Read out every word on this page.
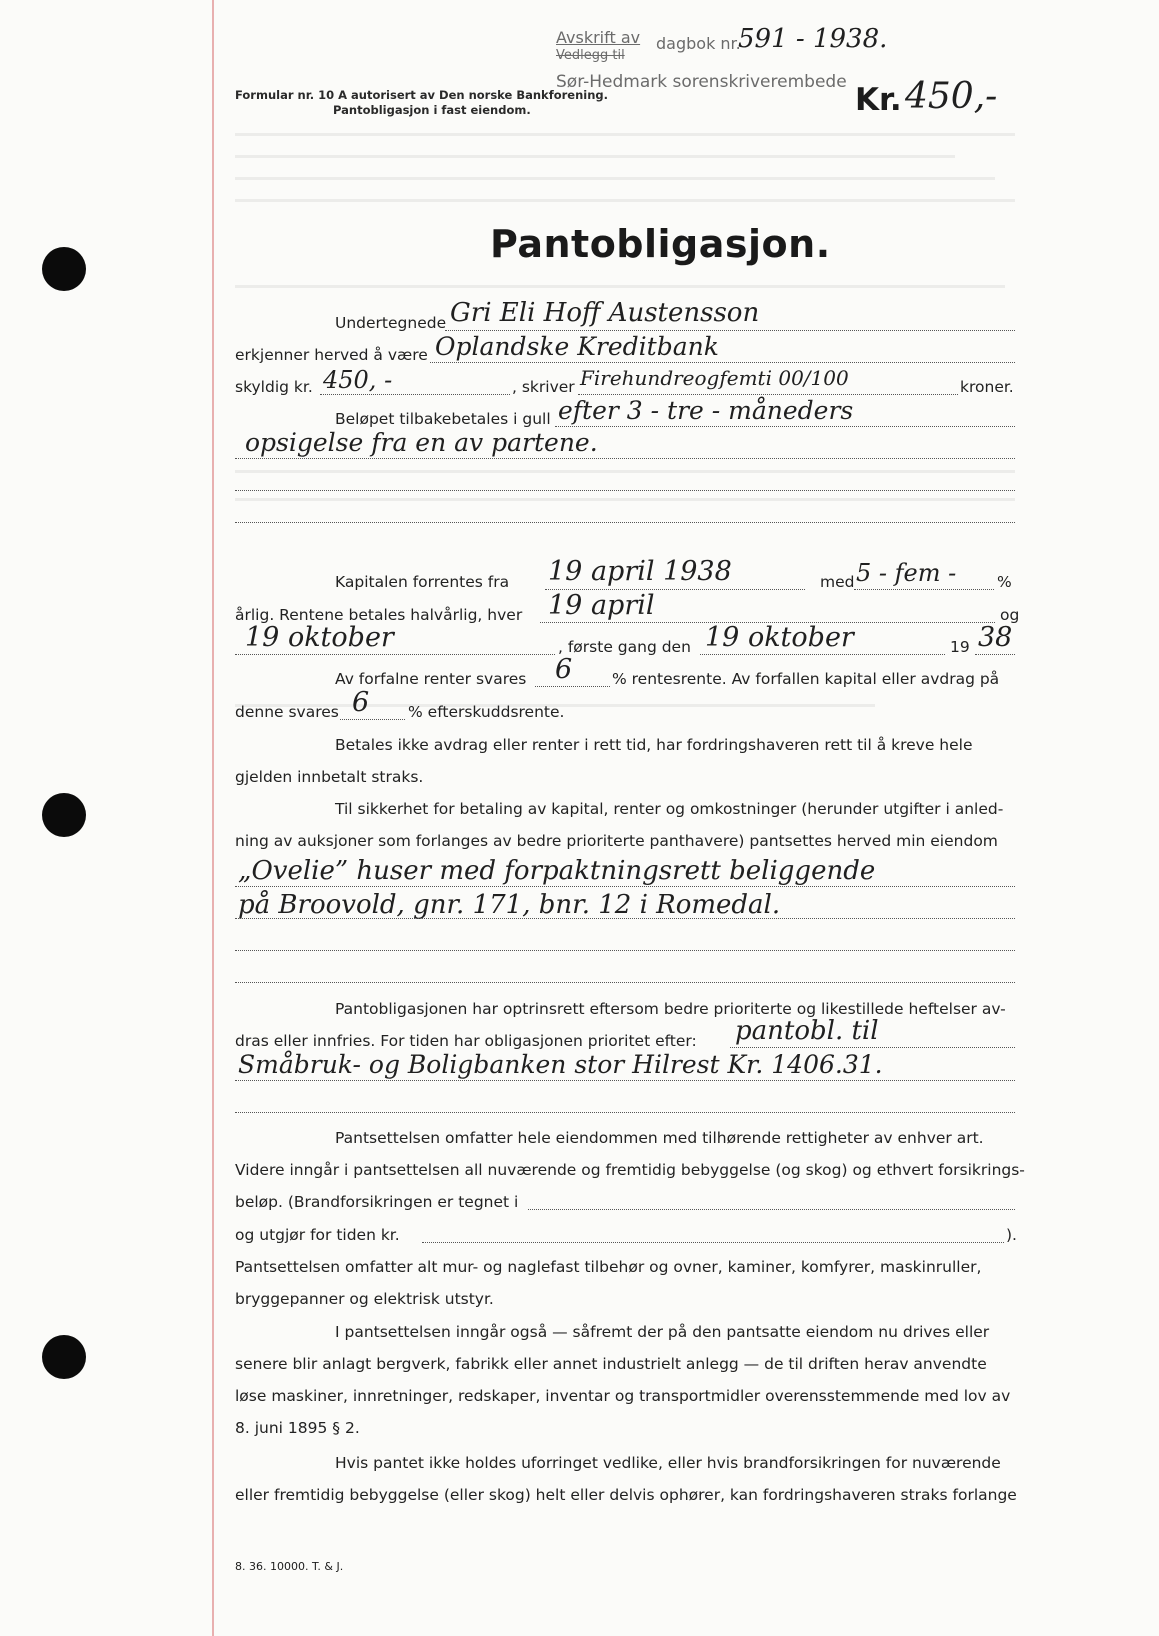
Avskrift av
Vedlegg til
dagbok nr.
591 - 1938.
Sør-Hedmark sorenskriverembede
Formular nr. 10 A autorisert av Den norske Bankforening.
Pantobligasjon i fast eiendom.	Kr. 450,-
Pantobligasjon.
Undertegnede Gri Eli Hoff Austensson
erkjenner herved å være Oplandske Kreditbank
skyldig kr. 450, -	, skriver Firehundreogfemti 00/100	kroner.
Beløpet tilbakebetales i gull efter 3 - tre - måneders
opsigelse fra en av partene.
Kapitalen forrentes fra 19 april 1938	med 5 - fem -	%
årlig. Rentene betales halvårlig, hver 19 april	og
19 oktober	, første gang den 19 oktober	19 38
Av forfalne renter svares 6	% rentesrente. Av forfallen kapital eller avdrag på
denne svares 6	% efterskuddsrente.
Betales ikke avdrag eller renter i rett tid, har fordringshaveren rett til å kreve hele
gjelden innbetalt straks.
Til sikkerhet for betaling av kapital, renter og omkostninger (herunder utgifter i anled-
ning av auksjoner som forlanges av bedre prioriterte panthavere) pantsettes herved min eiendom
„Ovelie” huser med forpaktningsrett beliggende
på Broovold, gnr. 171, bnr. 12 i Romedal.
Pantobligasjonen har optrinsrett eftersom bedre prioriterte og likestillede heftelser av-
dras eller innfries. For tiden har obligasjonen prioritet efter: pantobl. til
Småbruk- og Boligbanken stor Hilrest Kr. 1406.31.
Pantsettelsen omfatter hele eiendommen med tilhørende rettigheter av enhver art.
Videre inngår i pantsettelsen all nuværende og fremtidig bebyggelse (og skog) og ethvert forsikrings-
beløp. (Brandforsikringen er tegnet i
og utgjør for tiden kr.	).
Pantsettelsen omfatter alt mur- og naglefast tilbehør og ovner, kaminer, komfyrer, maskinruller,
bryggepanner og elektrisk utstyr.
I pantsettelsen inngår også — såfremt der på den pantsatte eiendom nu drives eller
senere blir anlagt bergverk, fabrikk eller annet industrielt anlegg — de til driften herav anvendte
løse maskiner, innretninger, redskaper, inventar og transportmidler overensstemmende med lov av
8. juni 1895 § 2.
Hvis pantet ikke holdes uforringet vedlike, eller hvis brandforsikringen for nuværende
eller fremtidig bebyggelse (eller skog) helt eller delvis ophører, kan fordringshaveren straks forlange
8. 36. 10000. T. & J.
